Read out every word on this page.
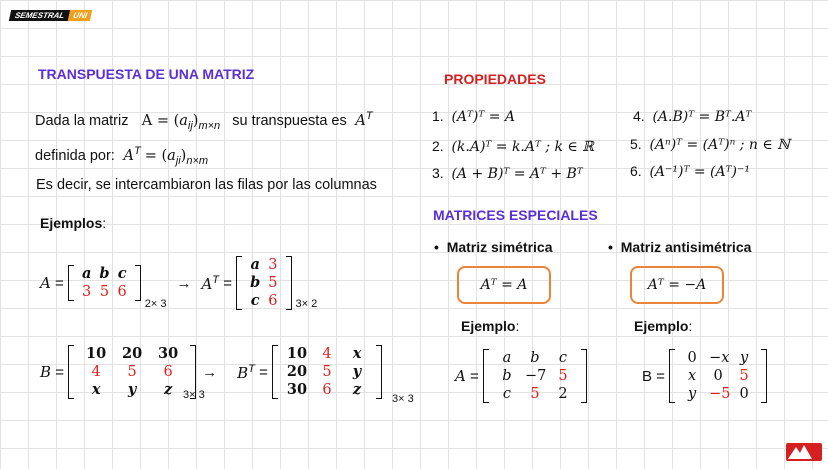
SEMESTRAL UNI
TRANSPUESTA DE UNA MATRIZ
Dada la matriz   $A = (a_{ij})_{m\times n}$ su transpuesta es  $A^T$
definida por:  $A^T = (a_{ji})_{n\times m}$
Es decir, se intercambiaron las filas por las columnas
Ejemplos:
A =
a b c
3 5 6
2× 3
→ $A^T$ =
a 3
b 5
c 6	3× 2
B =
10	20	30
4	5	6
x	y	z
→
3× 3
$B^T$ =
10	4	x
20	5	y
30	6	z
3× 3
PROPIEDADES
1. (Aᵀ)ᵀ = A
2. (k.A)ᵀ = k.Aᵀ ; k ∈ ℝ
3. (A + B)ᵀ = Aᵀ + Bᵀ
4. (A.B)ᵀ = Bᵀ.Aᵀ
5. (Aⁿ)ᵀ = (Aᵀ)ⁿ ; n ∈ ℕ
6. (A⁻¹)ᵀ = (Aᵀ)⁻¹
MATRICES ESPECIALES
•  Matriz simétrica	•  Matriz antisimétrica
Aᵀ = A	Aᵀ = −A
Ejemplo:	Ejemplo:
A =
a	b	c
b −7 5
c	5	2
B =
0 −x y
x	0	5
y −5 0
